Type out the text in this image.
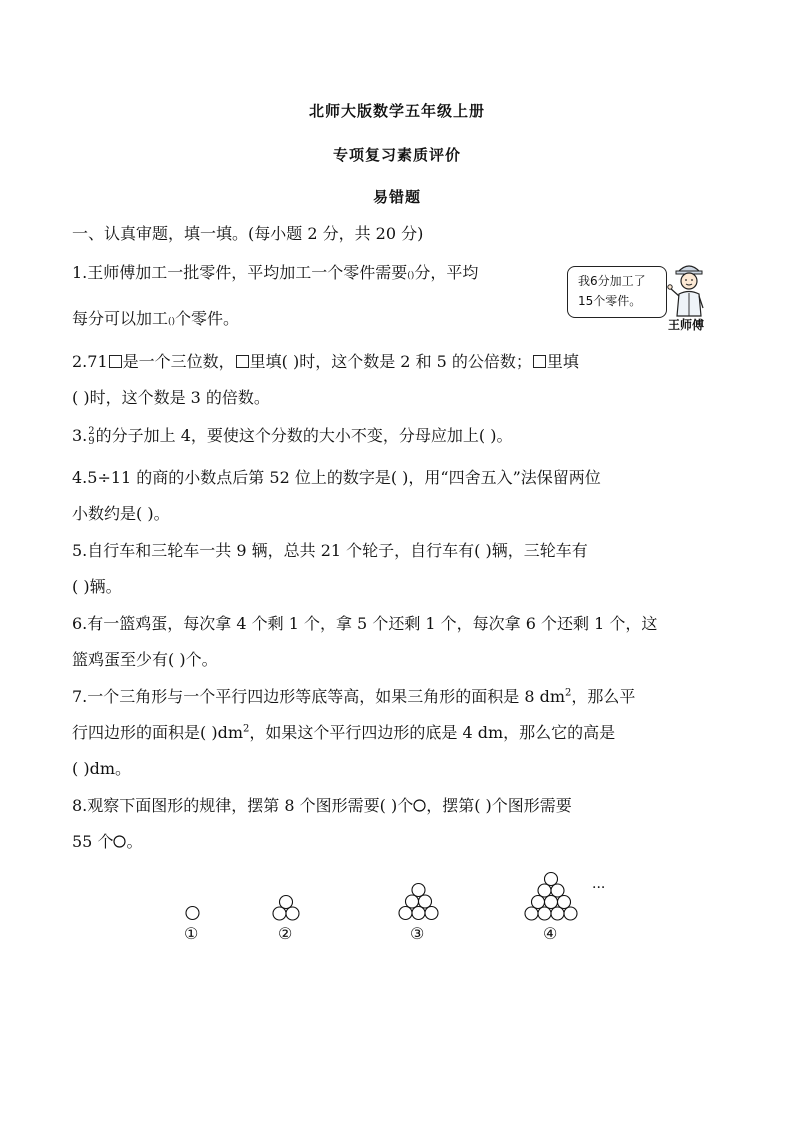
北师大版数学五年级上册
专项复习素质评价
易错题
一、认真审题，填一填。(每小题 2 分，共 20 分)
1.王师傅加工一批零件，平均加工一个零件需要()分，平均
每分可以加工()个零件。
我6分加工了
15个零件。
王师傅
2.71 是一个三位数， 里填( )时，这个数是 2 和 5 的公倍数； 里填
( )时，这个数是 3 的倍数。
3. 2
9 的分子加上 4，要使这个分数的大小不变，分母应加上( )。
4.5÷11 的商的小数点后第 52 位上的数字是( )，用“四舍五入”法保留两位
小数约是( )。
5.自行车和三轮车一共 9 辆，总共 21 个轮子，自行车有( )辆，三轮车有
( )辆。
6.有一篮鸡蛋，每次拿 4 个剩 1 个，拿 5 个还剩 1 个，每次拿 6 个还剩 1 个，这
篮鸡蛋至少有( )个。
7.一个三角形与一个平行四边形等底等高，如果三角形的面积是 8 $dm^2$，那么平
行四边形的面积是( )$dm^2$，如果这个平行四边形的底是 4 dm，那么它的高是
( )dm。
8.观察下面图形的规律，摆第 8 个图形需要( )个 ，摆第( )个图形需要
55 个 。
①	②	③	④
···
